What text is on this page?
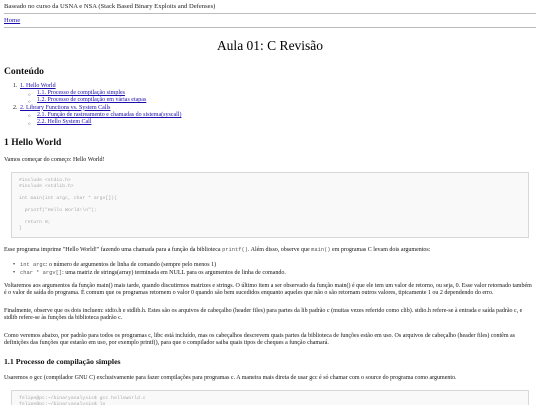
Baseado no curso da USNA e NSA (Stack Based Binary Exploits and Defenses)
Home
Aula 01: C Revisão
Conteúdo
1. 1. Hello World
○ 1.1. Processo de compilação simples
○ 1.2. Processo de compilação em várias etapas
2. 2. Library Functions vs. System Calls
○ 2.1. Função de rastreamento e chamadas do sistema(syscall)
○ 2.2. Hello System Call
1 Hello World
Vamos começar do começo: Hello World!
#include <stdio.h>
#include <stdlib.h>
int main(int argc, char * argv[]){
printf("Hello World!\n");
return 0;
}
Esse programa imprime "Hello World!" fazendo uma chamada para a função da biblioteca printf(). Além disso, observe que main() em programas C levam dois argumentos:
• int argc: o número de argumentos de linha de comando (sempre pelo menos 1)
• char * argv[]: uma matriz de strings(array) terminada em NULL para os argumentos de linha de comando.
Voltaremos aos argumentos da função main() mais tarde, quando discutirmos matrizes e strings. O último item a ser observado da função main() é que ele tem um valor de retorno, ou seja, 0. Esse valor retornado também é o valor de saída do programa. É comum que os programas retornem o valor 0 quando são bem sucedidos enquanto aqueles que não o são retornam outros valores, tipicamente 1 ou 2 dependendo do erro.
Finalmente, observe que os dois incluem: stdio.h e stdlib.h. Estes são os arquivos de cabeçalho (header files) para partes da lib padrão c (muitas vezes referido como clib). stdio.h refere-se à entrada e saída padrão c, e stdlib refere-se às funções da biblioteca padrão c.
Como veremos abaixo, por padrão para todos os programas c, libc está incluído, mas os cabeçalhos descrevem quais partes da biblioteca de funções estão em uso. Os arquivos de cabeçalho (header files) contêm as definições das funções que estarão em uso, por exemplo printf(), para que o compilador saiba quais tipos de cheques a função chamará.
1.1 Processo de compilação simples
Usaremos o gcc (compilador GNU C) exclusivamente para fazer compilações para programas c. A maneira mais direta de usar gcc é só chamar com o source do programa como argumento.
felipe@pc:~/binaryanalysis$ gcc helloworld.c
felipe@pc:~/binaryanalysis$ ls
